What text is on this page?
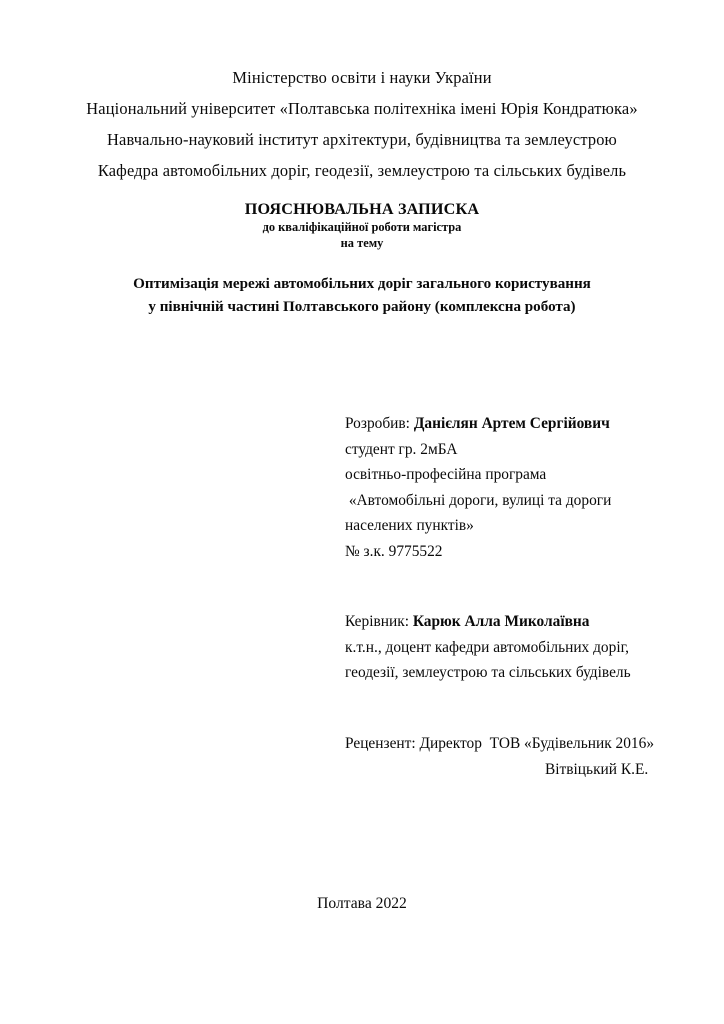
Міністерство освіти і науки України
Національний університет «Полтавська політехніка імені Юрія Кондратюка»
Навчально-науковий інститут архітектури, будівництва та землеустрою
Кафедра автомобільних доріг, геодезії, землеустрою та сільських будівель
ПОЯСНЮВАЛЬНА ЗАПИСКА
до кваліфікаційної роботи магістра
на тему
Оптимізація мережі автомобільних доріг загального користування
у північній частині Полтавського району (комплексна робота)
Розробив: Данієлян Артем Сергійович
студент гр. 2мБА
освітньо-професійна програма
«Автомобільні дороги, вулиці та дороги
населених пунктів»
№ з.к. 9775522
Керівник: Карюк Алла Миколаївна
к.т.н., доцент кафедри автомобільних доріг,
геодезії, землеустрою та сільських будівель
Рецензент: Директор  ТОВ «Будівельник 2016»
Вітвіцький К.Е.
Полтава 2022
